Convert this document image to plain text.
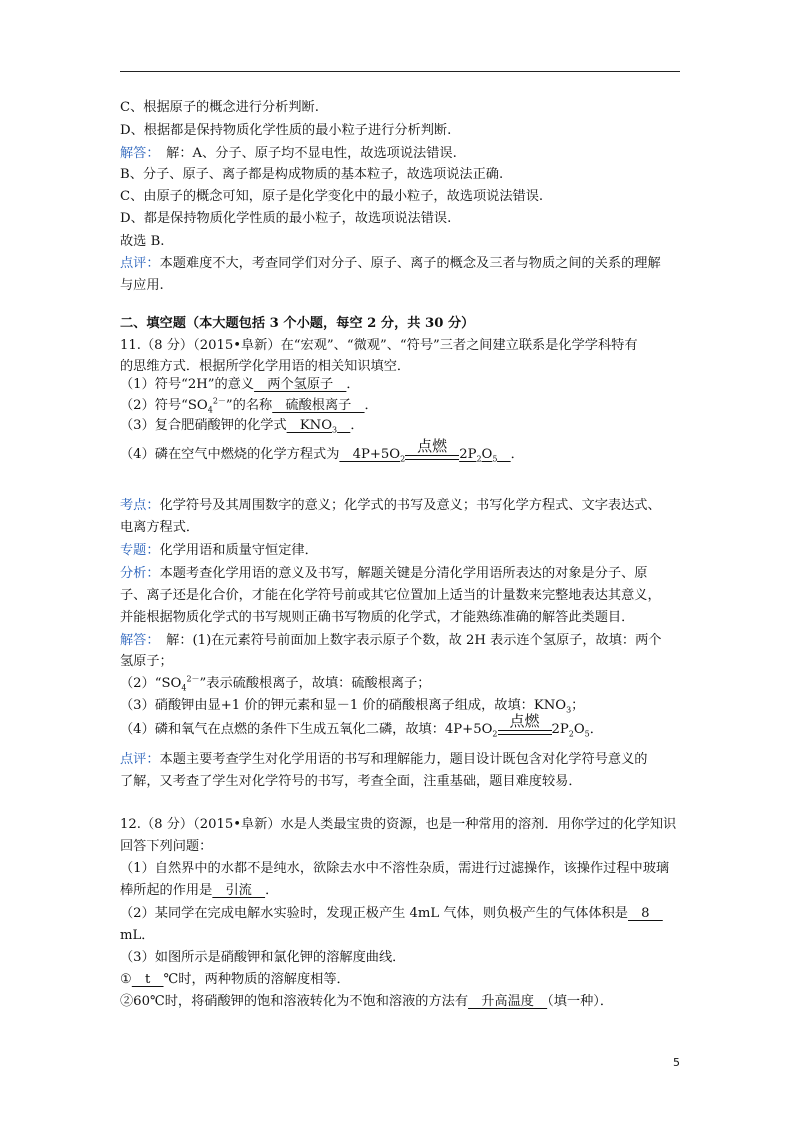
C、根据原子的概念进行分析判断.
D、根据都是保持物质化学性质的最小粒子进行分析判断.
解答：　解：A、分子、原子均不显电性，故选项说法错误.
B、分子、原子、离子都是构成物质的基本粒子，故选项说法正确.
C、由原子的概念可知，原子是化学变化中的最小粒子，故选项说法错误.
D、都是保持物质化学性质的最小粒子，故选项说法错误.
故选 B.
点评：本题难度不大，考查同学们对分子、原子、离子的概念及三者与物质之间的关系的理解
与应用.
二、填空题（本大题包括 3 个小题，每空 2 分，共 30 分）
11.（8 分）（2015•阜新）在“宏观”、“微观”、“符号”三者之间建立联系是化学学科特有
的思维方式．根据所学化学用语的相关知识填空．
（1）符号“2H”的意义　两个氢原子　．
（2）符号“$SO_4^{2-}$”的名称　硫酸根离子　．
（3）复合肥硝酸钾的化学式　$KNO_3$　 ．
（4）磷在空气中燃烧的化学方程式为　$4P+5O_2$
点燃 $2P_2O_5$　 ．
考点：化学符号及其周围数字的意义；化学式的书写及意义；书写化学方程式、文字表达式、
电离方程式．
专题：化学用语和质量守恒定律．
分析：本题考查化学用语的意义及书写，解题关键是分清化学用语所表达的对象是分子、原
子、离子还是化合价，才能在化学符号前或其它位置加上适当的计量数来完整地表达其意义，
并能根据物质化学式的书写规则正确书写物质的化学式，才能熟练准确的解答此类题目．
解答：　解：(1)在元素符号前面加上数字表示原子个数，故 2H 表示连个氢原子，故填：两个
氢原子；
$(2)“SO_4^{2-}$”表示硫酸根离子，故填：硫酸根离子；
（3）硝酸钾由显+1 价的钾元素和显－1 价的硝酸根离子组成，故填：$KNO_3$；
（4）磷和氧气在点燃的条件下生成五氧化二磷，故填：$4P+5O_2$
点燃 $2P_2O_5$．
点评：本题主要考查学生对化学用语的书写和理解能力，题目设计既包含对化学符号意义的
了解，又考查了学生对化学符号的书写，考查全面，注重基础，题目难度较易．
12.（8 分）（2015•阜新）水是人类最宝贵的资源，也是一种常用的溶剂．用你学过的化学知识
回答下列问题：
（1）自然界中的水都不是纯水，欲除去水中不溶性杂质，需进行过滤操作，该操作过程中玻璃
棒所起的作用是　引流　．
（2）某同学在完成电解水实验时，发现正极产生 4mL 气体，则负极产生的气体体积是　8　
mL．
（3）如图所示是硝酸钾和氯化钾的溶解度曲线．
①　t　℃时，两种物质的溶解度相等．
②60℃时，将硝酸钾的饱和溶液转化为不饱和溶液的方法有　升高温度　（填一种）．
5
